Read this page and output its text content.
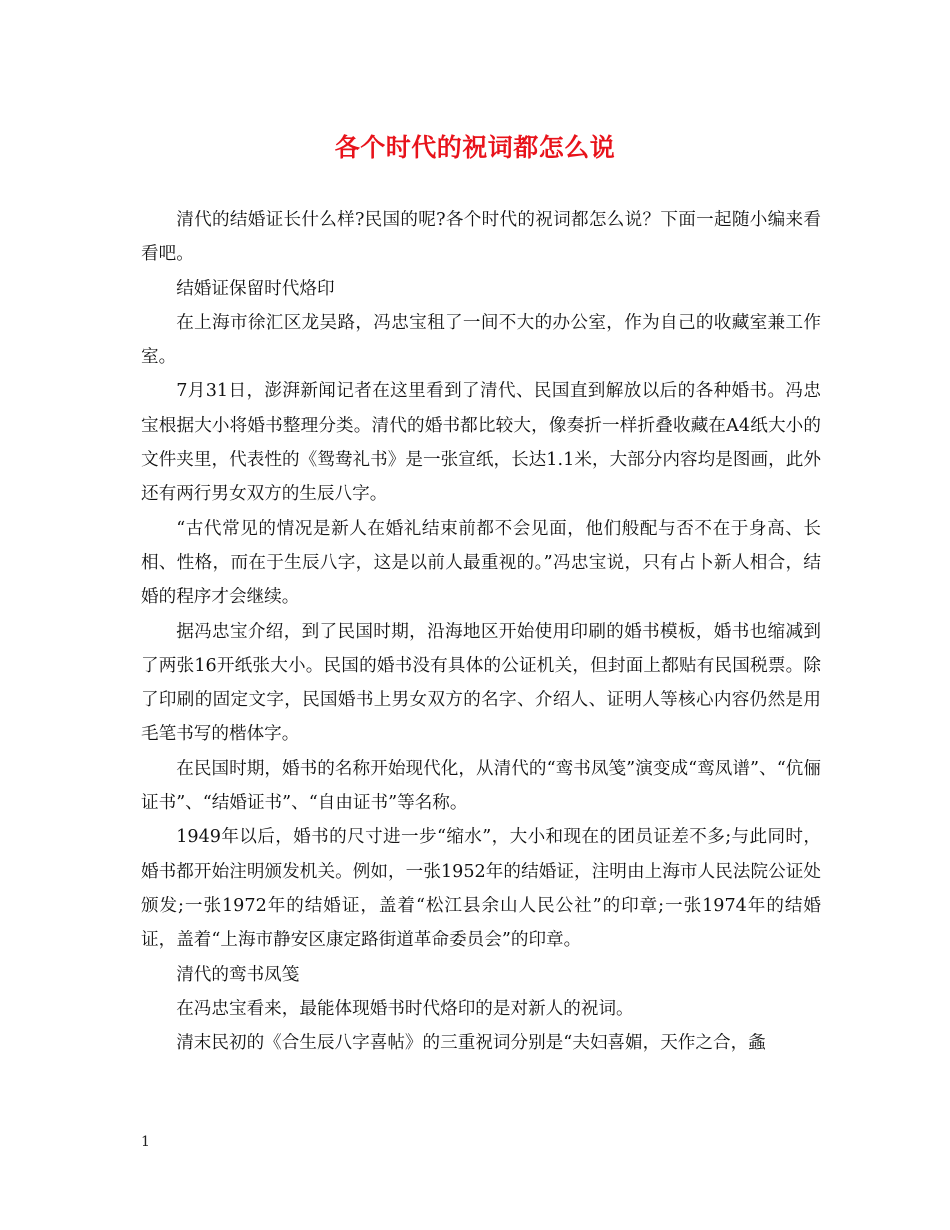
各个时代的祝词都怎么说

清代的结婚证长什么样?民国的呢?各个时代的祝词都怎么说？下面一起随小编来看看吧。

结婚证保留时代烙印

在上海市徐汇区龙吴路，冯忠宝租了一间不大的办公室，作为自己的收藏室兼工作室。

7月31日，澎湃新闻记者在这里看到了清代、民国直到解放以后的各种婚书。冯忠宝根据大小将婚书整理分类。清代的婚书都比较大，像奏折一样折叠收藏在A4纸大小的文件夹里，代表性的《鸳鸯礼书》是一张宣纸，长达1.1米，大部分内容均是图画，此外还有两行男女双方的生辰八字。

“古代常见的情况是新人在婚礼结束前都不会见面，他们般配与否不在于身高、长相、性格，而在于生辰八字，这是以前人最重视的。”冯忠宝说，只有占卜新人相合，结婚的程序才会继续。

据冯忠宝介绍，到了民国时期，沿海地区开始使用印刷的婚书模板，婚书也缩减到了两张16开纸张大小。民国的婚书没有具体的公证机关，但封面上都贴有民国税票。除了印刷的固定文字，民国婚书上男女双方的名字、介绍人、证明人等核心内容仍然是用毛笔书写的楷体字。

在民国时期，婚书的名称开始现代化，从清代的“鸾书凤笺”演变成“鸾凤谱”、“伉俪证书”、“结婚证书”、“自由证书”等名称。

1949年以后，婚书的尺寸进一步“缩水”，大小和现在的团员证差不多;与此同时，婚书都开始注明颁发机关。例如，一张1952年的结婚证，注明由上海市人民法院公证处颁发;一张1972年的结婚证，盖着“松江县余山人民公社”的印章;一张1974年的结婚证，盖着“上海市静安区康定路街道革命委员会”的印章。

清代的鸾书凤笺

在冯忠宝看来，最能体现婚书时代烙印的是对新人的祝词。

清末民初的《合生辰八字喜帖》的三重祝词分别是“夫妇喜媚，天作之合，螽

1
